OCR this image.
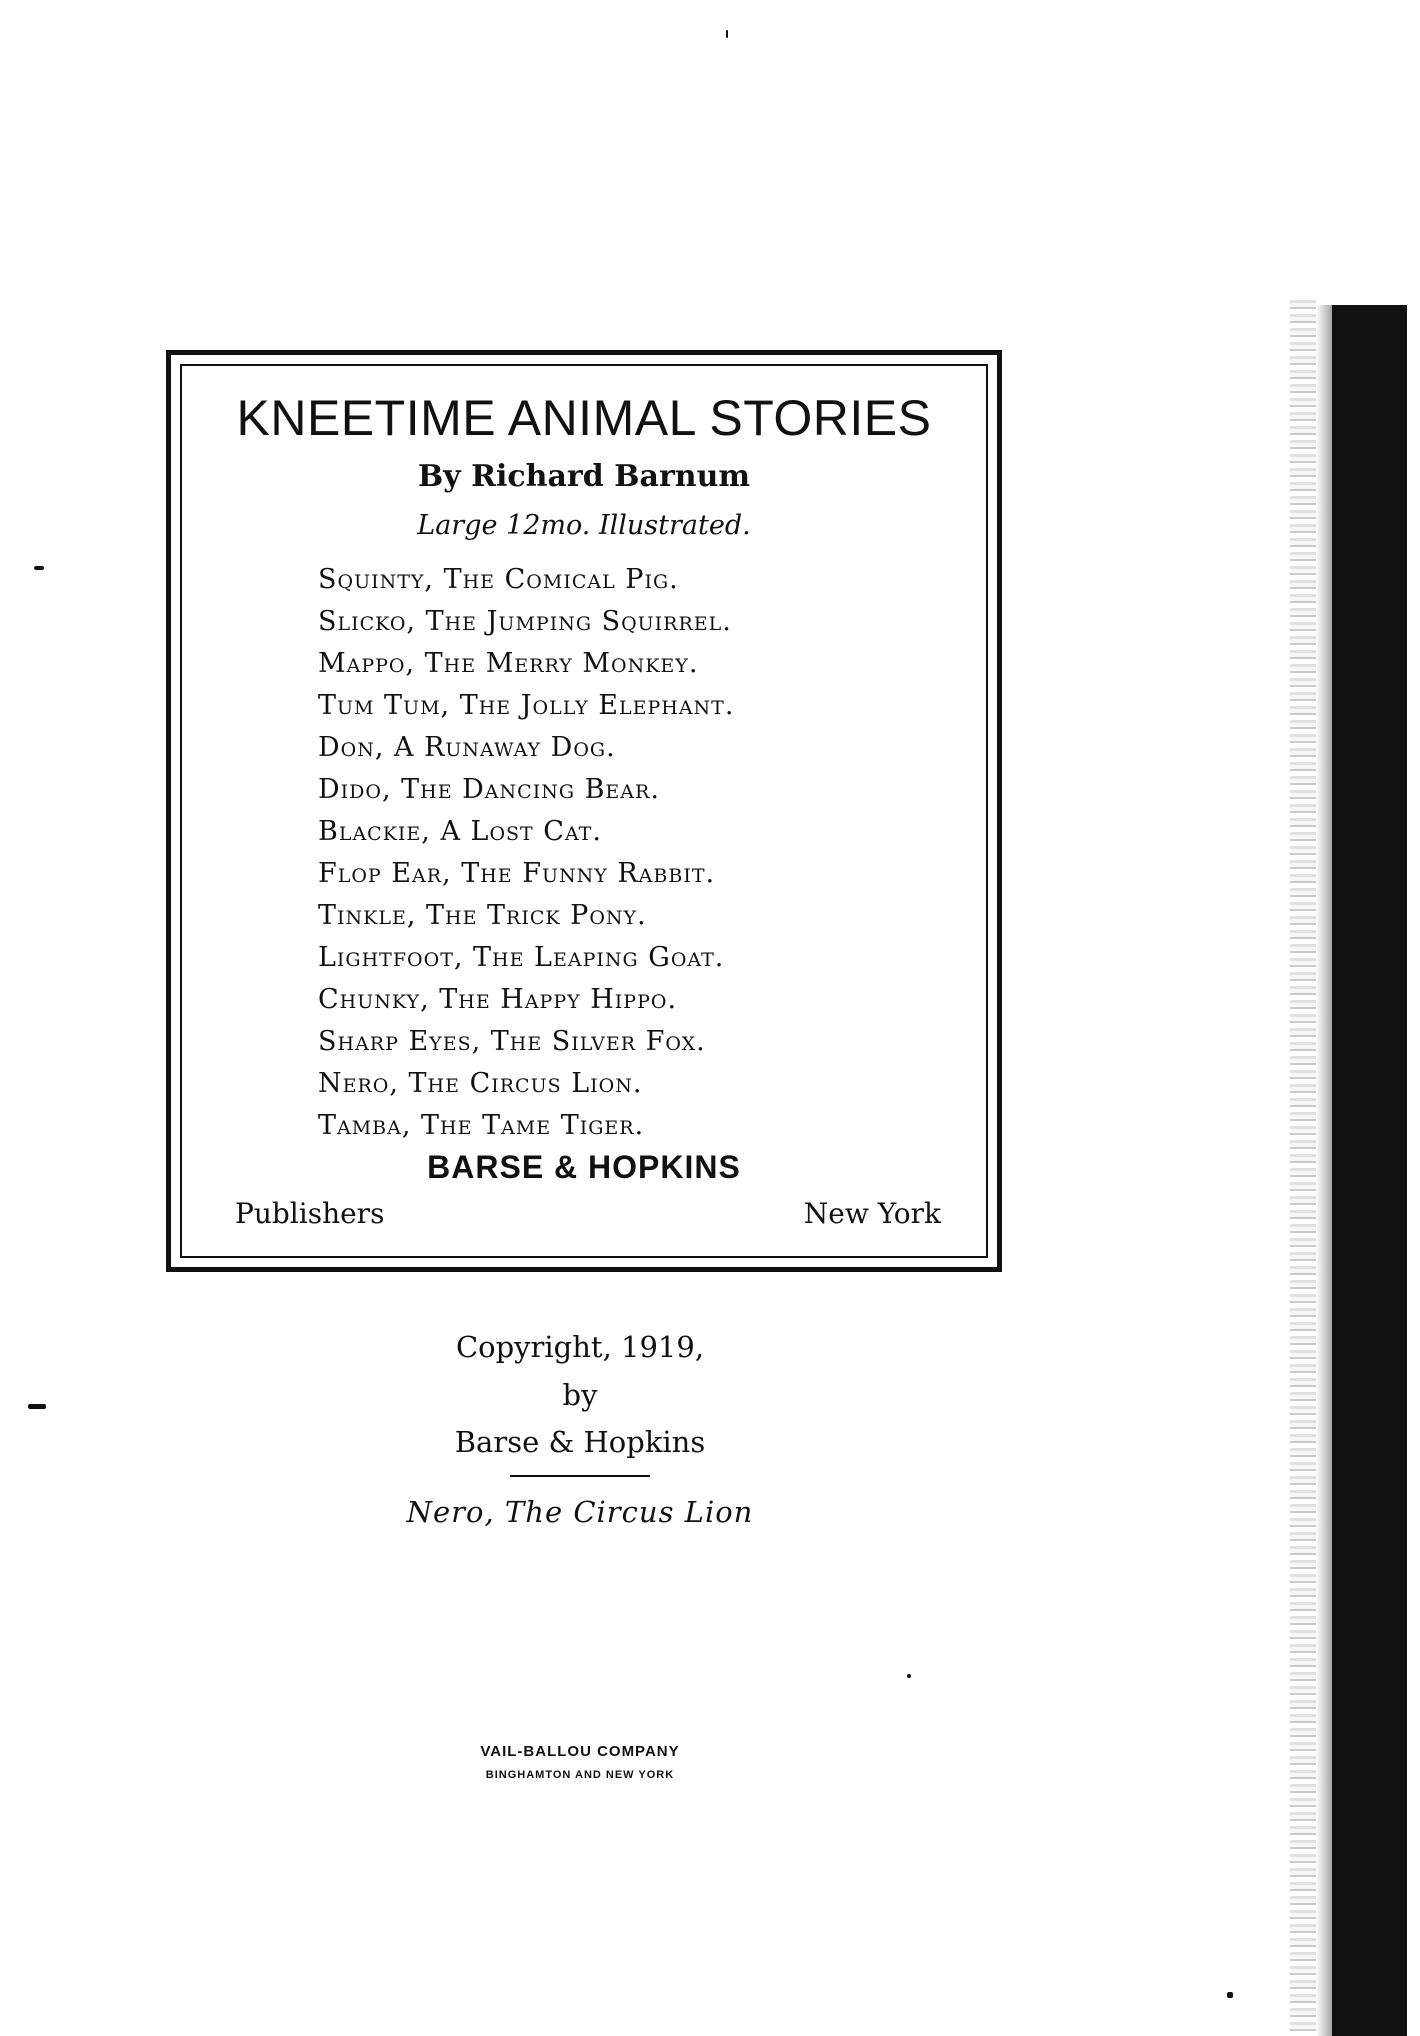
KNEETIME ANIMAL STORIES
By Richard Barnum
Large 12mo. Illustrated.
Squinty, The Comical Pig.
Slicko, The Jumping Squirrel.
Mappo, The Merry Monkey.
Tum Tum, The Jolly Elephant.
Don, A Runaway Dog.
Dido, The Dancing Bear.
Blackie, A Lost Cat.
Flop Ear, The Funny Rabbit.
Tinkle, The Trick Pony.
Lightfoot, The Leaping Goat.
Chunky, The Happy Hippo.
Sharp Eyes, The Silver Fox.
Nero, The Circus Lion.
Tamba, The Tame Tiger.
BARSE & HOPKINS
Publishers	New York
Copyright, 1919,
by
Barse & Hopkins
Nero, The Circus Lion
VAIL-BALLOU COMPANY
BINGHAMTON AND NEW YORK
